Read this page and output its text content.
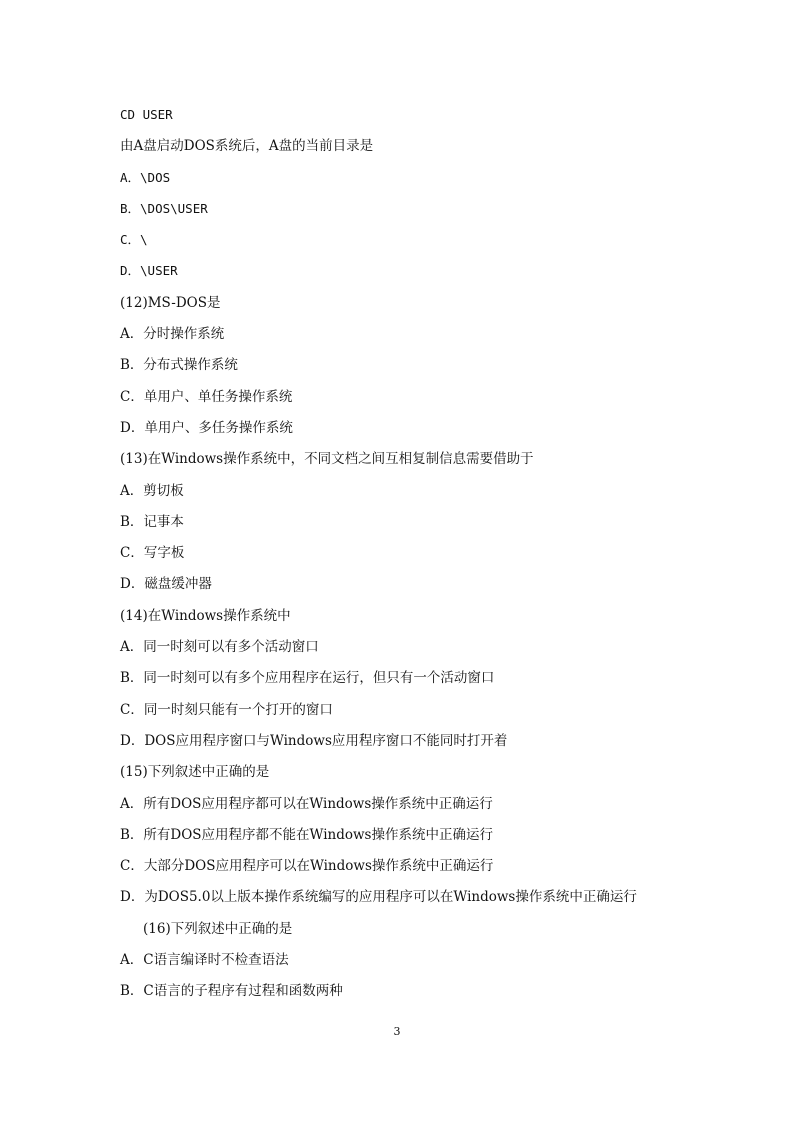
CD USER
由A盘启动DOS系统后，A盘的当前目录是
A．\DOS
B．\DOS\USER
C．\
D．\USER
(12)MS-DOS是
A．分时操作系统
B．分布式操作系统
C．单用户、单任务操作系统
D．单用户、多任务操作系统
(13)在Windows操作系统中，不同文档之间互相复制信息需要借助于
A．剪切板
B．记事本
C．写字板
D．磁盘缓冲器
(14)在Windows操作系统中
A．同一时刻可以有多个活动窗口
B．同一时刻可以有多个应用程序在运行，但只有一个活动窗口
C．同一时刻只能有一个打开的窗口
D．DOS应用程序窗口与Windows应用程序窗口不能同时打开着
(15)下列叙述中正确的是
A．所有DOS应用程序都可以在Windows操作系统中正确运行
B．所有DOS应用程序都不能在Windows操作系统中正确运行
C．大部分DOS应用程序可以在Windows操作系统中正确运行
D．为DOS5.0以上版本操作系统编写的应用程序可以在Windows操作系统中正确运行
(16)下列叙述中正确的是
A．C语言编译时不检查语法
B．C语言的子程序有过程和函数两种
3
